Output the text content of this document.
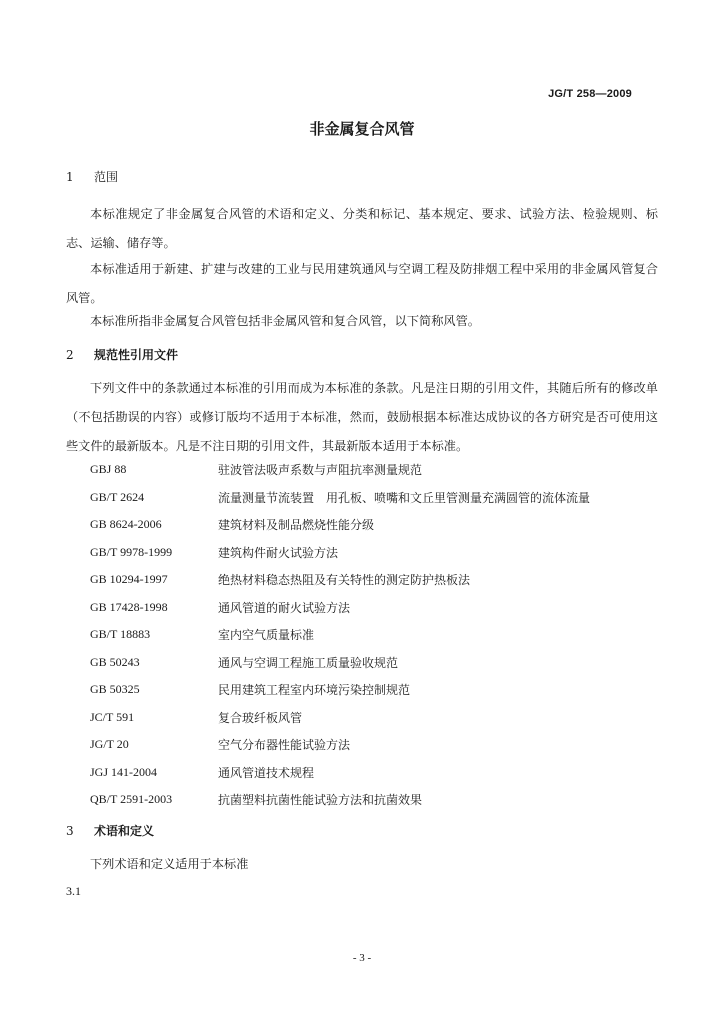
JG/T 258—2009
非金属复合风管
1 范围
本标准规定了非金属复合风管的术语和定义、分类和标记、基本规定、要求、试验方法、检验规则、标志、运输、储存等。
本标准适用于新建、扩建与改建的工业与民用建筑通风与空调工程及防排烟工程中采用的非金属风管复合风管。
本标准所指非金属复合风管包括非金属风管和复合风管，以下简称风管。
2 规范性引用文件
下列文件中的条款通过本标准的引用而成为本标准的条款。凡是注日期的引用文件，其随后所有的修改单（不包括勘误的内容）或修订版均不适用于本标准，然而，鼓励根据本标准达成协议的各方研究是否可使用这些文件的最新版本。凡是不注日期的引用文件，其最新版本适用于本标准。
GBJ 88	驻波管法吸声系数与声阻抗率测量规范
GB/T 2624	流量测量节流装置　用孔板、喷嘴和文丘里管测量充满圆管的流体流量
GB 8624-2006	建筑材料及制品燃烧性能分级
GB/T 9978-1999	建筑构件耐火试验方法
GB 10294-1997	绝热材料稳态热阻及有关特性的测定防护热板法
GB 17428-1998	通风管道的耐火试验方法
GB/T 18883	室内空气质量标准
GB 50243	通风与空调工程施工质量验收规范
GB 50325	民用建筑工程室内环境污染控制规范
JC/T 591	复合玻纤板风管
JG/T 20	空气分布器性能试验方法
JGJ 141-2004	通风管道技术规程
QB/T 2591-2003	抗菌塑料抗菌性能试验方法和抗菌效果
3 术语和定义
下列术语和定义适用于本标准
3.1
- 3 -
